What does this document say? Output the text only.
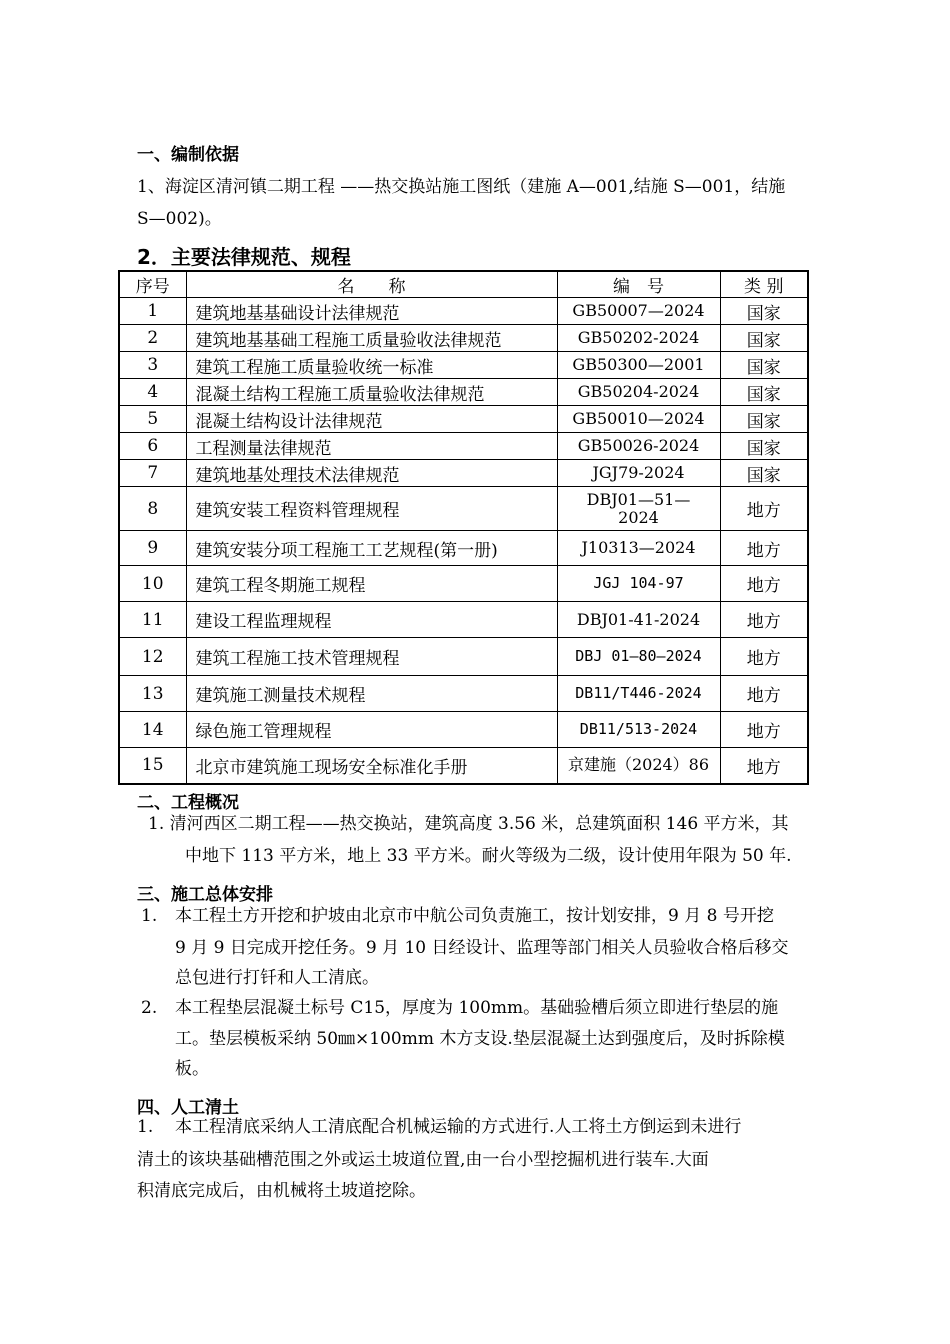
一、编制依据
1、海淀区清河镇二期工程 ——热交换站施工图纸（建施 A—001,结施 S—001，结施
S—002)。
2．主要法律规范、规程
序号	名　　称	编　号	类 别
1	建筑地基基础设计法律规范	GB50007—2024	国家
2	建筑地基基础工程施工质量验收法律规范	GB50202-2024	国家
3	建筑工程施工质量验收统一标准	GB50300—2001	国家
4	混凝土结构工程施工质量验收法律规范	GB50204-2024	国家
5	混凝土结构设计法律规范	GB50010—2024	国家
6	工程测量法律规范	GB50026-2024	国家
7	建筑地基处理技术法律规范	JGJ79-2024	国家
8	建筑安装工程资料管理规程	DBJ01—51—2024	地方
9	建筑安装分项工程施工工艺规程(第一册)	J10313—2024	地方
10	建筑工程冬期施工规程	JGJ 104-97	地方
11	建设工程监理规程	DBJ01-41-2024	地方
12	建筑工程施工技术管理规程	DBJ 01—80—2024	地方
13	建筑施工测量技术规程	DB11/T446-2024	地方
14	绿色施工管理规程	DB11/513-2024	地方
15	北京市建筑施工现场安全标准化手册	京建施（2024）86	地方
二、工程概况
1. 清河西区二期工程——热交换站，建筑高度 3.56 米，总建筑面积 146 平方米，其
中地下 113 平方米，地上 33 平方米。耐火等级为二级，设计使用年限为 50 年.
三、施工总体安排
1. 本工程土方开挖和护坡由北京市中航公司负责施工，按计划安排，9 月 8 号开挖
9 月 9 日完成开挖任务。9 月 10 日经设计、监理等部门相关人员验收合格后移交
总包进行打钎和人工清底。
2. 本工程垫层混凝土标号 C15，厚度为 100mm。基础验槽后须立即进行垫层的施
工。垫层模板采纳 50㎜×100mm 木方支设.垫层混凝土达到强度后，及时拆除模
板。
四、人工清土
1. 本工程清底采纳人工清底配合机械运输的方式进行.人工将土方倒运到未进行
清土的该块基础槽范围之外或运土坡道位置,由一台小型挖掘机进行装车.大面
积清底完成后，由机械将土坡道挖除。
